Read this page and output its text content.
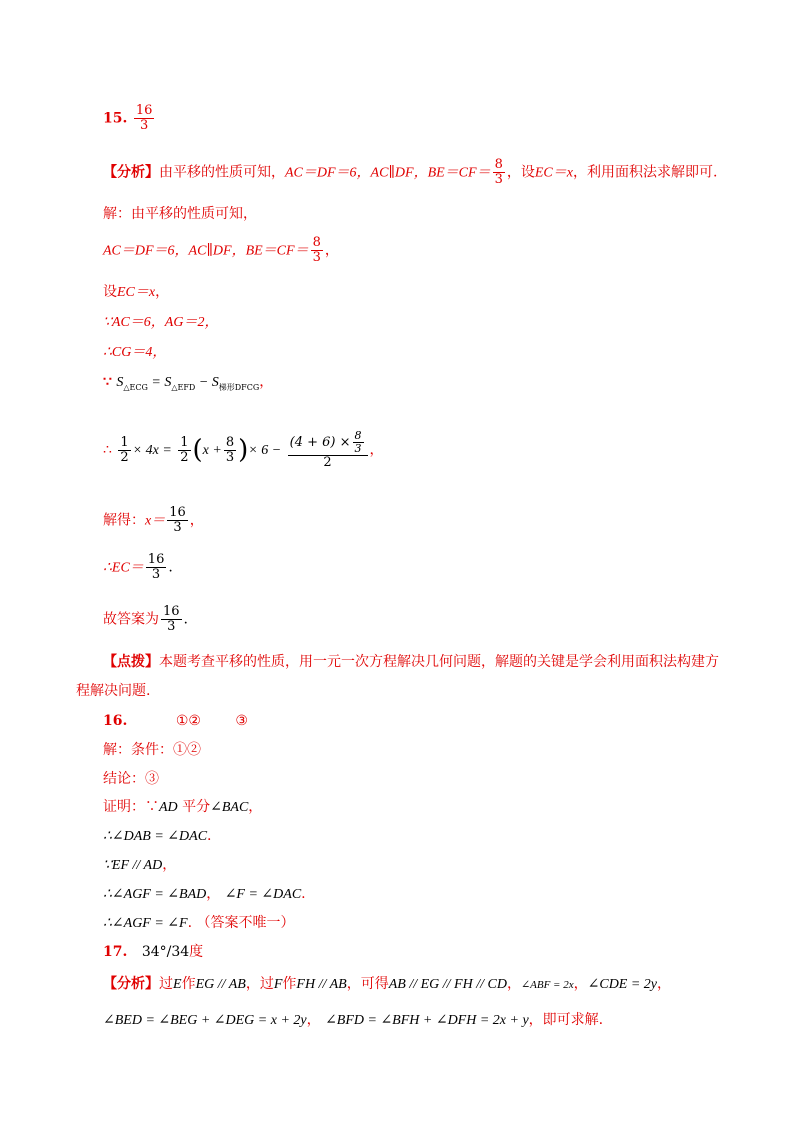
15. $\frac{16}{3}$
【分析】由平移的性质可知，AC＝DF＝6，AC∥DF，$BE=CF= \frac{8}{3}$ ，设EC＝x，利用面积法求解即可.
解：由平移的性质可知，
AC＝DF＝6，AC∥DF，$BE=CF= \frac{8}{3}$ ，
设EC＝x，
∵AC＝6，AG＝2，
∴CG＝4，
∵ $S_{\triangle ECG} = S_{\triangle EFD} - S_{梯形DFCG}$，
∴ $\frac{1}{2} \times 4x = \frac{1}{2} (x + \frac{8}{3}$ )× $6 - \frac{(4 + 6) \times \frac{8}{3}}{2}$ ，
解得：$x= \frac{16}{3}$ ，
∴EC＝ $\frac{16}{3}$ .
故答案为 $\frac{16}{3}$ .
【点拨】本题考查平移的性质，用一元一次方程解决几何问题，解题的关键是学会利用面积法构建方
程解决问题.
16.	①② ③
解：条件：①②
结论：③
证明：∵AD 平分∠BAC，
∴∠DAB = ∠DAC.
∵EF // AD，
∴∠AGF = ∠BAD， ∠F = ∠DAC.
∴∠AGF = ∠F. （答案不唯一）
17. 34°/34度
【分析】过E作EG // AB，过F作FH // AB，可得AB // EG // FH // CD，∠ABF = 2x，∠CDE = 2y，
∠BED = ∠BEG + ∠DEG = x + 2y， ∠BFD = ∠BFH + ∠DFH = 2x + y，即可求解.
